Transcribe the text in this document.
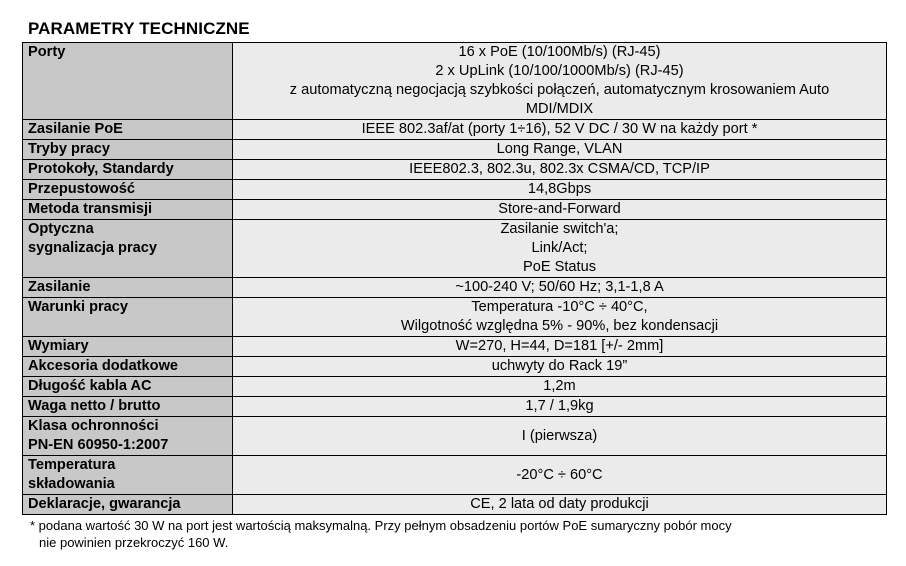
PARAMETRY TECHNICZNE
Porty	16 x PoE (10/100Mb/s) (RJ-45)
2 x UpLink (10/100/1000Mb/s) (RJ-45)
z automatyczną negocjacją szybkości połączeń, automatycznym krosowaniem Auto
MDI/MDIX

Zasilanie PoE	IEEE 802.3af/at (porty 1÷16), 52 V DC / 30 W na każdy port *

Tryby pracy	Long Range, VLAN

Protokoły, Standardy	IEEE802.3, 802.3u, 802.3x CSMA/CD, TCP/IP

Przepustowość	14,8Gbps

Metoda transmisji	Store-and-Forward

Optyczna
sygnalizacja pracy	Zasilanie switch'a;
Link/Act;
PoE Status

Zasilanie	~100-240 V; 50/60 Hz; 3,1-1,8 A

Warunki pracy	Temperatura -10°C ÷ 40°C,
Wilgotność względna 5% - 90%, bez kondensacji

Wymiary	W=270, H=44, D=181 [+/- 2mm]

Akcesoria dodatkowe	uchwyty do Rack 19”

Długość kabla AC	1,2m

Waga netto / brutto	1,7 / 1,9kg

Klasa ochronności
PN-EN 60950-1:2007	I (pierwsza)

Temperatura
składowania	-20°C ÷ 60°C

Deklaracje, gwarancja	CE, 2 lata od daty produkcji
* podana wartość 30 W na port jest wartością maksymalną. Przy pełnym obsadzeniu portów PoE sumaryczny pobór mocy
nie powinien przekroczyć 160 W.
